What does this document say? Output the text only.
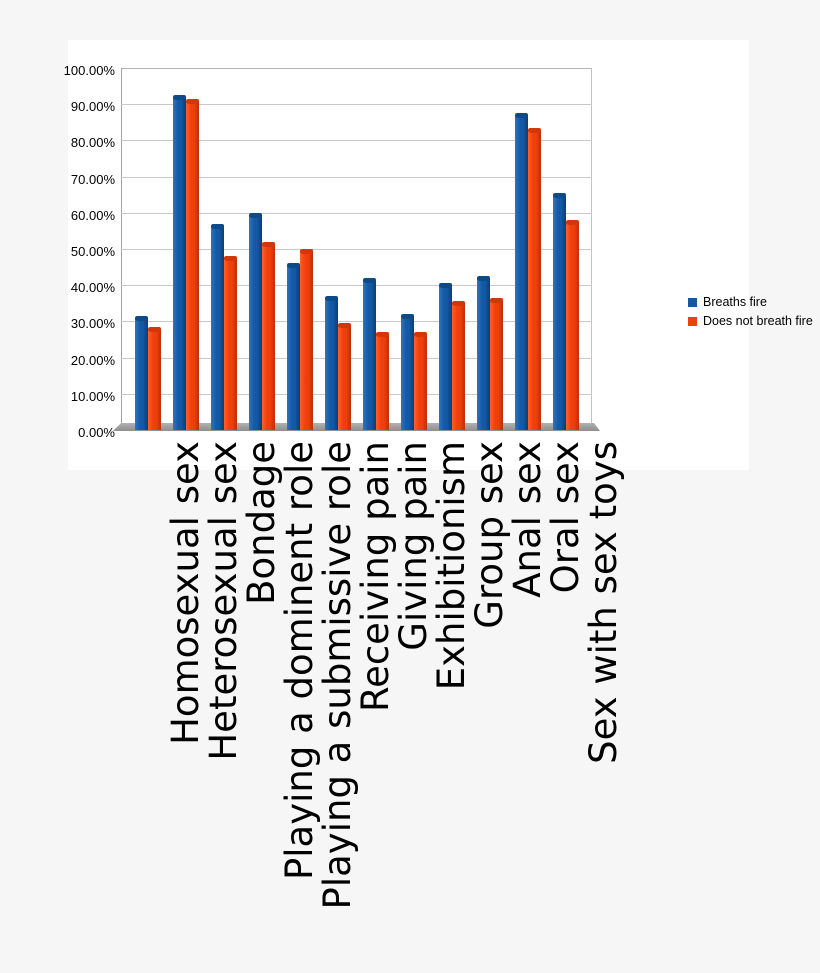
Breaths fire
Does not breath fire
0.00%
10.00%
20.00%
30.00%
40.00%
50.00%
60.00%
70.00%
80.00%
90.00%
100.00%
Homosexual sex
Heterosexual sex
Bondage
Playing a dominent role
Playing a submissive role
Receiving pain
Giving pain
Exhibitionism
Group sex
Anal sex
Oral sex
Sex with sex toys
